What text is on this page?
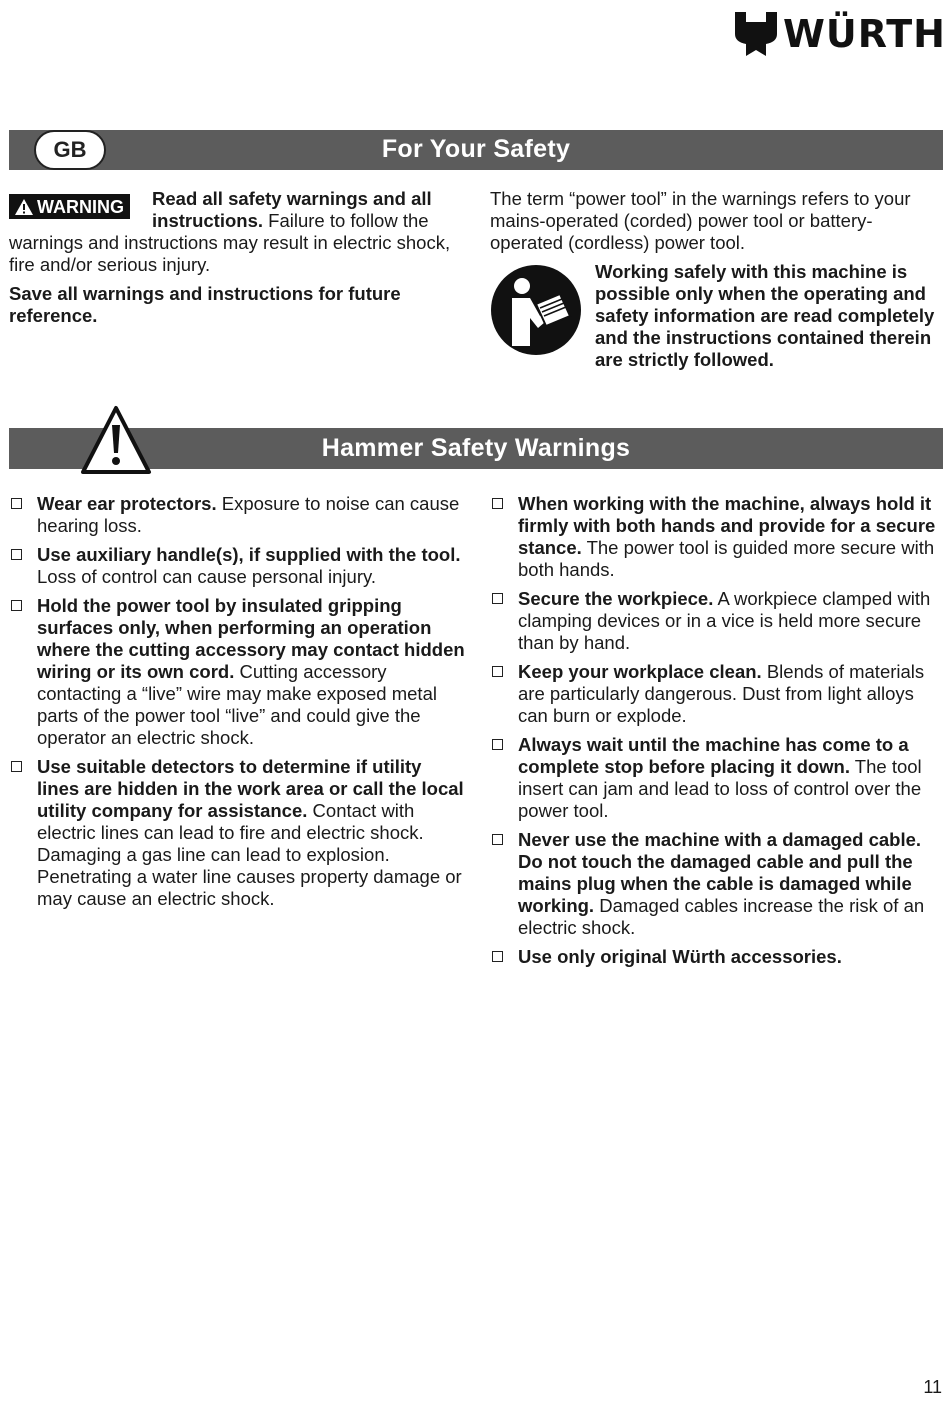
WÜRTH
For Your Safety
GB
WARNING	Read all safety warnings and all instructions. Failure to follow the warnings and instructions may result in electric shock, fire and/or serious injury.
Save all warnings and instructions for future reference.
The term “power tool” in the warnings refers to your mains-operated (corded) power tool or battery-operated (cordless) power tool.
Working safely with this machine is possible only when the operating and safety information are read completely and the instructions contained therein are strictly followed.
Hammer Safety Warnings
Wear ear protectors. Exposure to noise can cause hearing loss.
Use auxiliary handle(s), if supplied with the tool. Loss of control can cause personal injury.
Hold the power tool by insulated gripping surfaces only, when performing an operation where the cutting accessory may contact hidden wiring or its own cord. Cutting accessory contacting a “live” wire may make exposed metal parts of the power tool “live” and could give the operator an electric shock.
Use suitable detectors to determine if utility lines are hidden in the work area or call the local utility company for assistance. Contact with electric lines can lead to fire and electric shock. Damaging a gas line can lead to explosion. Penetrating a water line causes property damage or may cause an electric shock.
When working with the machine, always hold it firmly with both hands and provide for a secure stance. The power tool is guided more secure with both hands.
Secure the workpiece. A workpiece clamped with clamping devices or in a vice is held more secure than by hand.
Keep your workplace clean. Blends of materials are particularly dangerous. Dust from light alloys can burn or explode.
Always wait until the machine has come to a complete stop before placing it down. The tool insert can jam and lead to loss of control over the power tool.
Never use the machine with a damaged cable. Do not touch the damaged cable and pull the mains plug when the cable is damaged while working. Damaged cables increase the risk of an electric shock.
Use only original Würth accessories.
11
